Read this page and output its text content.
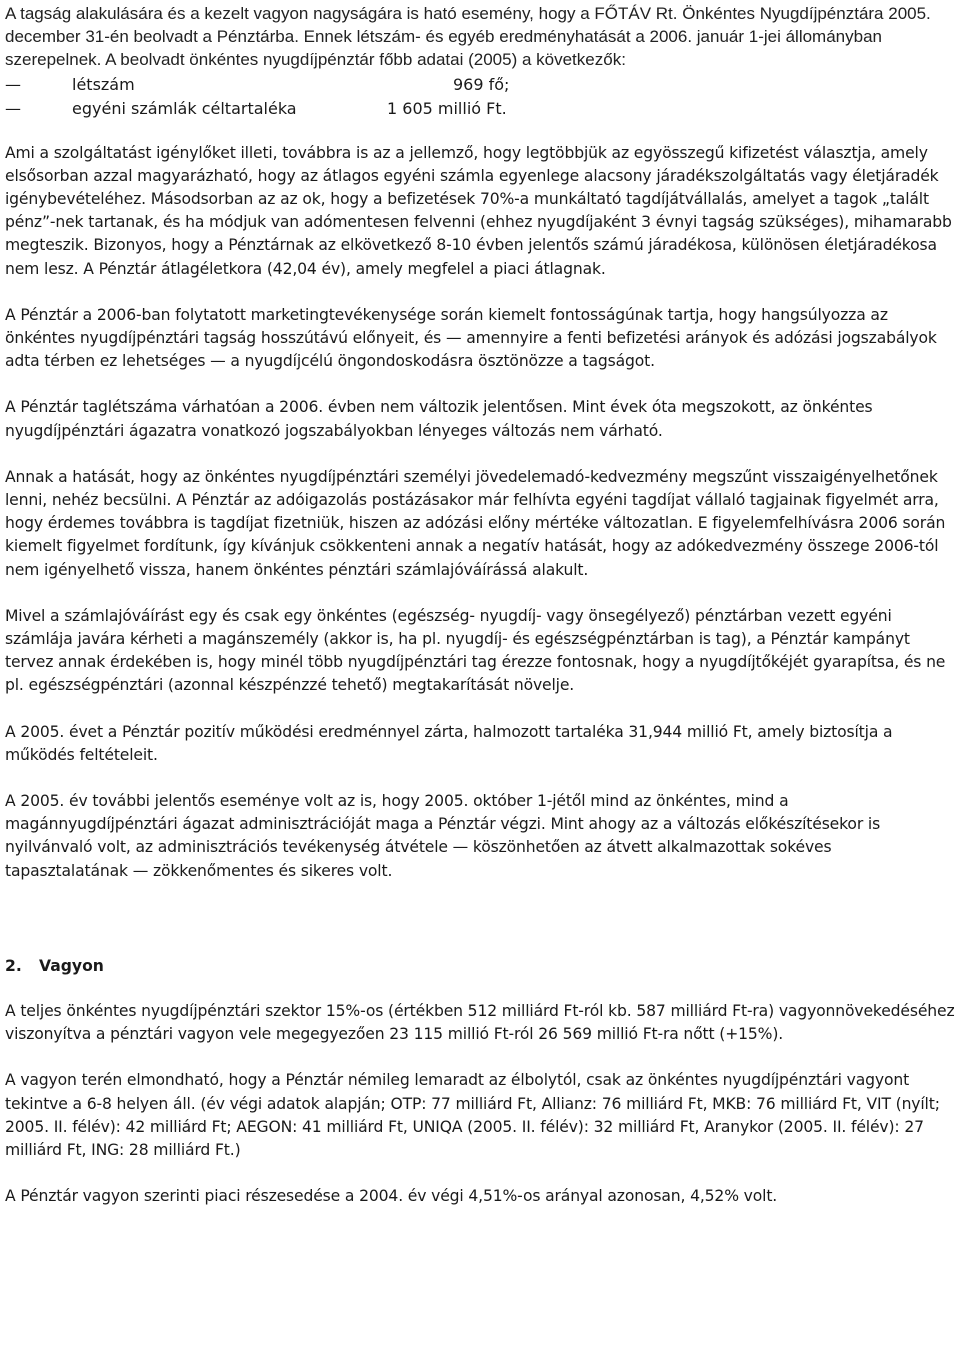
A tagság alakulására és a kezelt vagyon nagyságára is ható esemény, hogy a FŐTÁV Rt. Önkéntes Nyugdíjpénztára 2005. december 31-én beolvadt a Pénztárba. Ennek létszám- és egyéb eredményhatását a 2006. január 1-jei állományban szerepelnek. A beolvadt önkéntes nyugdíjpénztár főbb adatai (2005) a következők:

—	létszám	969 fő;
—	egyéni számlák céltartaléka	1 605 millió Ft.

Ami a szolgáltatást igénylőket illeti, továbbra is az a jellemző, hogy legtöbbjük az egyösszegű kifizetést választja, amely elsősorban azzal magyarázható, hogy az átlagos egyéni számla egyenlege alacsony járadékszolgáltatás vagy életjáradék igénybevételéhez. Másodsorban az az ok, hogy a befizetések 70%-a munkáltató tagdíjátvállalás, amelyet a tagok „talált pénz”-nek tartanak, és ha módjuk van adómentesen felvenni (ehhez nyugdíjaként 3 évnyi tagság szükséges), mihamarabb megteszik. Bizonyos, hogy a Pénztárnak az elkövetkező 8-10 évben jelentős számú járadékosa, különösen életjáradékosa nem lesz. A Pénztár átlagéletkora (42,04 év), amely megfelel a piaci átlagnak.

A Pénztár a 2006-ban folytatott marketingtevékenysége során kiemelt fontosságúnak tartja, hogy hangsúlyozza az önkéntes nyugdíjpénztári tagság hosszútávú előnyeit, és — amennyire a fenti befizetési arányok és adózási jogszabályok adta térben ez lehetséges — a nyugdíjcélú öngondoskodásra ösztönözze a tagságot.

A Pénztár taglétszáma várhatóan a 2006. évben nem változik jelentősen. Mint évek óta megszokott, az önkéntes nyugdíjpénztári ágazatra vonatkozó jogszabályokban lényeges változás nem várható.

Annak a hatását, hogy az önkéntes nyugdíjpénztári személyi jövedelemadó-kedvezmény megszűnt visszaigényelhetőnek lenni, nehéz becsülni. A Pénztár az adóigazolás postázásakor már felhívta egyéni tagdíjat vállaló tagjainak figyelmét arra, hogy érdemes továbbra is tagdíjat fizetniük, hiszen az adózási előny mértéke változatlan. E figyelemfelhívásra 2006 során kiemelt figyelmet fordítunk, így kívánjuk csökkenteni annak a negatív hatását, hogy az adókedvezmény összege 2006-tól nem igényelhető vissza, hanem önkéntes pénztári számlajóváírássá alakult.

Mivel a számlajóváírást egy és csak egy önkéntes (egészség- nyugdíj- vagy önsegélyező) pénztárban vezett egyéni számlája javára kérheti a magánszemély (akkor is, ha pl. nyugdíj- és egészségpénztárban is tag), a Pénztár kampányt tervez annak érdekében is, hogy minél több nyugdíjpénztári tag érezze fontosnak, hogy a nyugdíjtőkéjét gyarapítsa, és ne pl. egészségpénztári (azonnal készpénzzé tehető) megtakarítását növelje.

A 2005. évet a Pénztár pozitív működési eredménnyel zárta, halmozott tartaléka 31,944 millió Ft, amely biztosítja a működés feltételeit.

A 2005. év további jelentős eseménye volt az is, hogy 2005. október 1-jétől mind az önkéntes, mind a magánnyugdíjpénztári ágazat adminisztrációját maga a Pénztár végzi. Mint ahogy az a változás előkészítésekor is nyilvánvaló volt, az adminisztrációs tevékenység átvétele — köszönhetően az átvett alkalmazottak sokéves tapasztalatának — zökkenőmentes és sikeres volt.

2. Vagyon

A teljes önkéntes nyugdíjpénztári szektor 15%-os (értékben 512 milliárd Ft-ról kb. 587 milliárd Ft-ra) vagyonnövekedéséhez viszonyítva a pénztári vagyon vele megegyezően 23 115 millió Ft-ról 26 569 millió Ft-ra nőtt (+15%).

A vagyon terén elmondható, hogy a Pénztár némileg lemaradt az élbolytól, csak az önkéntes nyugdíjpénztári vagyont tekintve a 6-8 helyen áll. (év végi adatok alapján; OTP: 77 milliárd Ft, Allianz: 76 milliárd Ft, MKB: 76 milliárd Ft, VIT (nyílt; 2005. II. félév): 42 milliárd Ft; AEGON: 41 milliárd Ft, UNIQA (2005. II. félév): 32 milliárd Ft, Aranykor (2005. II. félév): 27 milliárd Ft, ING: 28 milliárd Ft.)

A Pénztár vagyon szerinti piaci részesedése a 2004. év végi 4,51%-os arányal azonosan, 4,52% volt.
